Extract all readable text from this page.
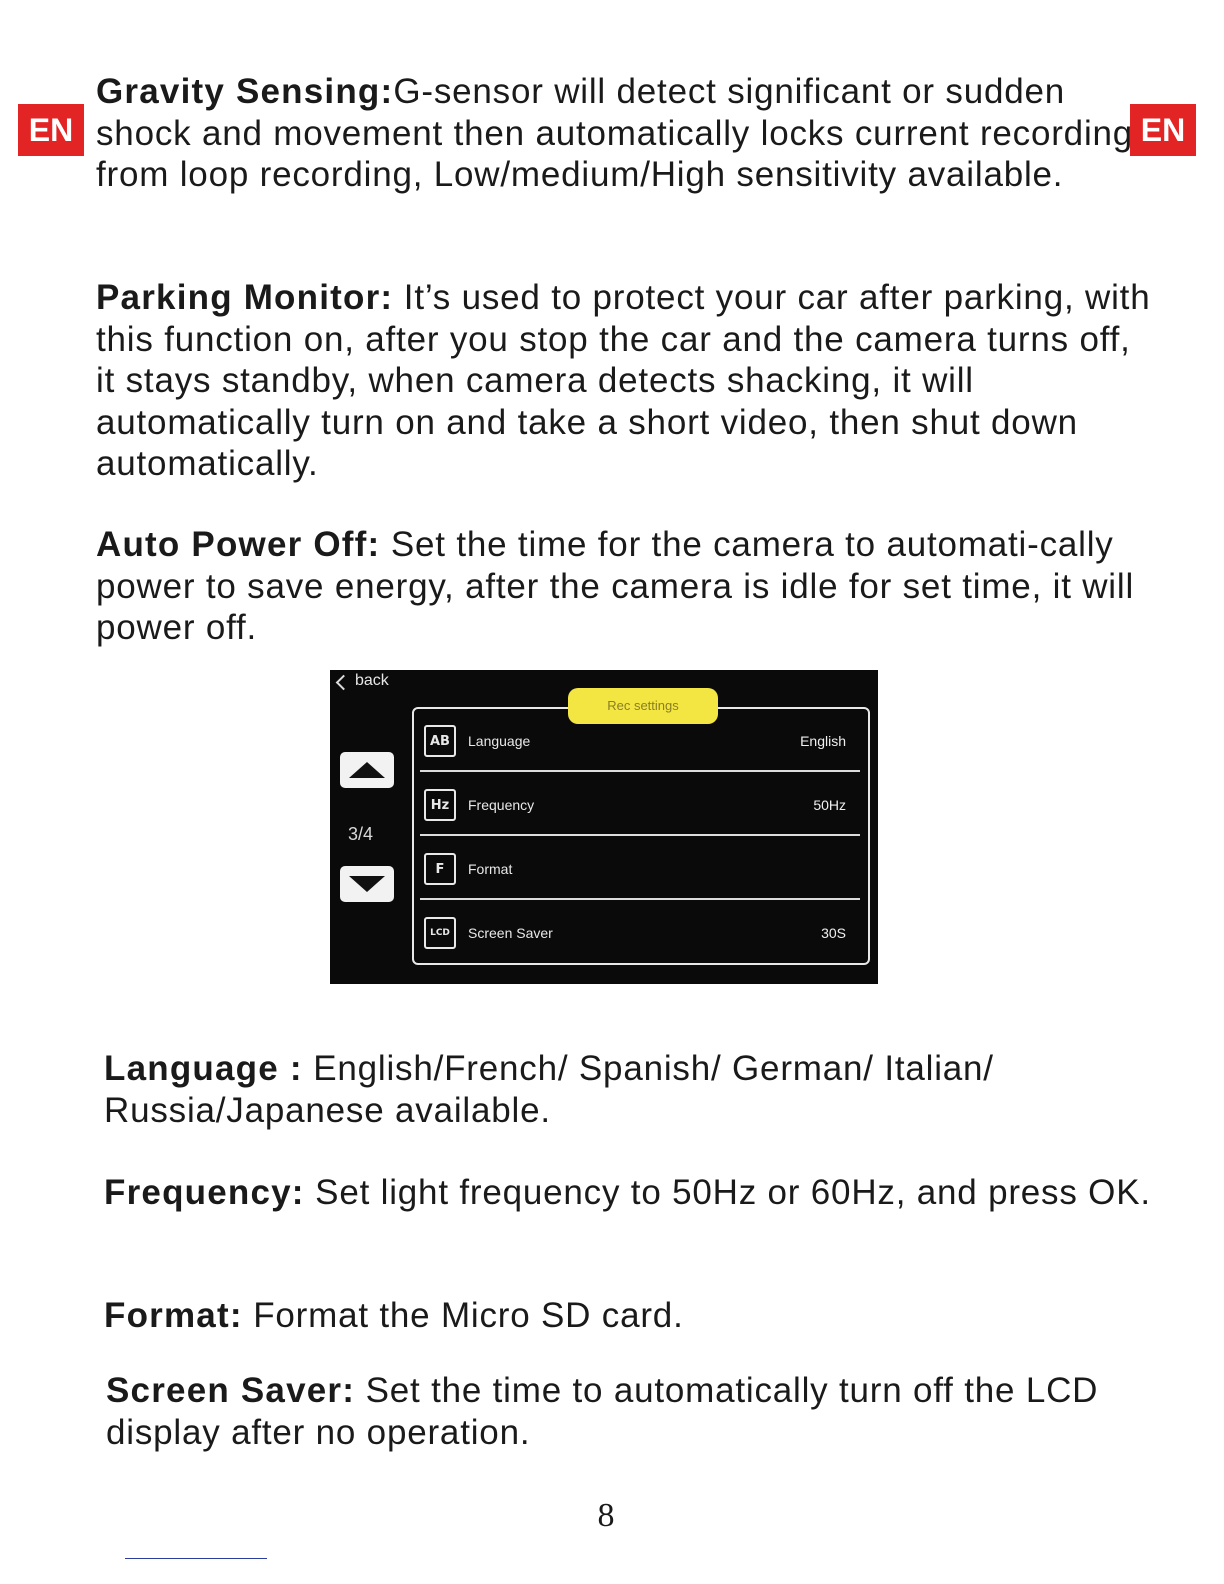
EN	EN

Gravity Sensing:G-sensor will detect significant or sudden shock and movement then automatically locks current recording from loop recording, Low/medium/High sensitivity available.

Parking Monitor: It’s used to protect your car after parking, with this function on, after you stop the car and the camera turns off, it stays standby, when camera detects shacking, it will automatically turn on and take a short video, then shut down automatically.

Auto Power Off: Set the time for the camera to automati-cally power to save energy, after the camera is idle for set time, it will power off.

back
3/4
Rec settings
AB	Language	English
Hz	Frequency	50Hz
F	Format
LCD	Screen Saver	30S

Language : English/French/ Spanish/ German/ Italian/ Russia/Japanese available.

Frequency: Set light frequency to 50Hz or 60Hz, and press OK.

Format: Format the Micro SD card.

Screen Saver: Set the time to automatically turn off the LCD display after no operation.

8
